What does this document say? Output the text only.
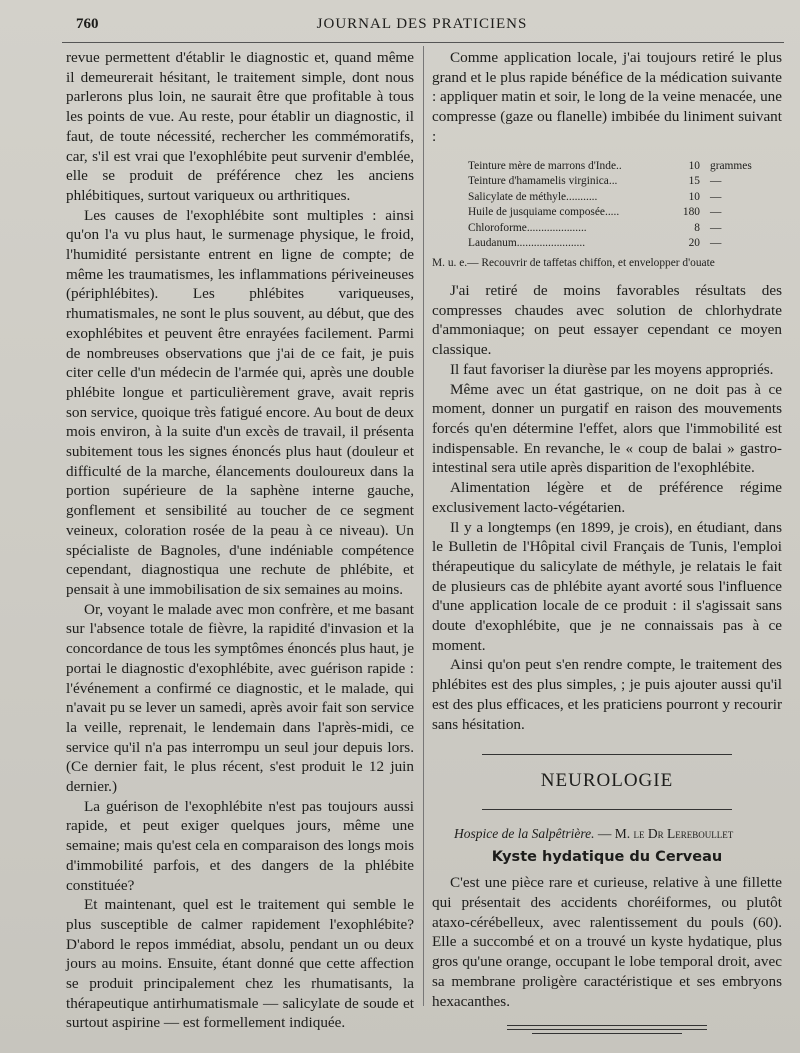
760	JOURNAL DES PRATICIENS

revue permettent d'établir le diagnostic et, quand même il demeurerait hésitant, le traitement simple, dont nous parlerons plus loin, ne saurait être que profitable à tous les points de vue. Au reste, pour établir un diagnostic, il faut, de toute nécessité, rechercher les commémoratifs, car, s'il est vrai que l'exophlébite peut survenir d'emblée, elle se produit de préférence chez les anciens phlébitiques, surtout variqueux ou arthritiques.

Les causes de l'exophlébite sont multiples : ainsi qu'on l'a vu plus haut, le surmenage physique, le froid, l'humidité persistante entrent en ligne de compte; de même les traumatismes, les inflammations périveineuses (périphlébites). Les phlébites variqueuses, rhumatismales, ne sont le plus souvent, au début, que des exophlébites et peuvent être enrayées facilement. Parmi de nombreuses observations que j'ai de ce fait, je puis citer celle d'un médecin de l'armée qui, après une double phlébite longue et particulièrement grave, avait repris son service, quoique très fatigué encore. Au bout de deux mois environ, à la suite d'un excès de travail, il présenta subitement tous les signes énoncés plus haut (douleur et difficulté de la marche, élancements douloureux dans la portion supérieure de la saphène interne gauche, gonflement et sensibilité au toucher de ce segment veineux, coloration rosée de la peau à ce niveau). Un spécialiste de Bagnoles, d'une indéniable compétence cependant, diagnostiqua une rechute de phlébite, et pensait à une immobilisation de six semaines au moins.

Or, voyant le malade avec mon confrère, et me basant sur l'absence totale de fièvre, la rapidité d'invasion et la concordance de tous les symptômes énoncés plus haut, je portai le diagnostic d'exophlébite, avec guérison rapide : l'événement a confirmé ce diagnostic, et le malade, qui n'avait pu se lever un samedi, après avoir fait son service la veille, reprenait, le lendemain dans l'après-midi, ce service qu'il n'a pas interrompu un seul jour depuis lors. (Ce dernier fait, le plus récent, s'est produit le 12 juin dernier.)

La guérison de l'exophlébite n'est pas toujours aussi rapide, et peut exiger quelques jours, même une semaine; mais qu'est cela en comparaison des longs mois d'immobilité parfois, et des dangers de la phlébite constituée?

Et maintenant, quel est le traitement qui semble le plus susceptible de calmer rapidement l'exophlébite? D'abord le repos immédiat, absolu, pendant un ou deux jours au moins. Ensuite, étant donné que cette affection se produit principalement chez les rhumatisants, la thérapeutique antirhumatismale — salicylate de soude et surtout aspirine — est formellement indiquée.

Comme application locale, j'ai toujours retiré le plus grand et le plus rapide bénéfice de la médication suivante : appliquer matin et soir, le long de la veine menacée, une compresse (gaze ou flanelle) imbibée du liniment suivant :

Teinture mère de marrons d'Inde..	10 grammes
Teinture d'hamamelis virginica...	15 —
Salicylate de méthyle...........	10 —
Huile de jusquiame composée.....	180 —
Chloroforme.....................	8 —
Laudanum........................	20 —
M. u. e.— Recouvrir de taffetas chiffon, et envelopper d'ouate

J'ai retiré de moins favorables résultats des compresses chaudes avec solution de chlorhydrate d'ammoniaque; on peut essayer cependant ce moyen classique.

Il faut favoriser la diurèse par les moyens appropriés.

Même avec un état gastrique, on ne doit pas à ce moment, donner un purgatif en raison des mouvements forcés qu'en détermine l'effet, alors que l'immobilité est indispensable. En revanche, le « coup de balai » gastro-intestinal sera utile après disparition de l'exophlébite.

Alimentation légère et de préférence régime exclusivement lacto-végétarien.

Il y a longtemps (en 1899, je crois), en étudiant, dans le Bulletin de l'Hôpital civil Français de Tunis, l'emploi thérapeutique du salicylate de méthyle, je relatais le fait de plusieurs cas de phlébite ayant avorté sous l'influence d'une application locale de ce produit : il s'agissait sans doute d'exophlébite, que je ne connaissais pas à ce moment.

Ainsi qu'on peut s'en rendre compte, le traitement des phlébites est des plus simples, ; je puis ajouter aussi qu'il est des plus efficaces, et les praticiens pourront y recourir sans hésitation.

NEUROLOGIE
Hospice de la Salpêtrière. — M. le Dr Lereboullet
Kyste hydatique du Cerveau

C'est une pièce rare et curieuse, relative à une fillette qui présentait des accidents choréiformes, ou plutôt ataxo-cérébelleux, avec ralentissement du pouls (60). Elle a succombé et on a trouvé un kyste hydatique, plus gros qu'une orange, occupant le lobe temporal droit, avec sa membrane proligère caractéristique et ses embryons hexacanthes.
